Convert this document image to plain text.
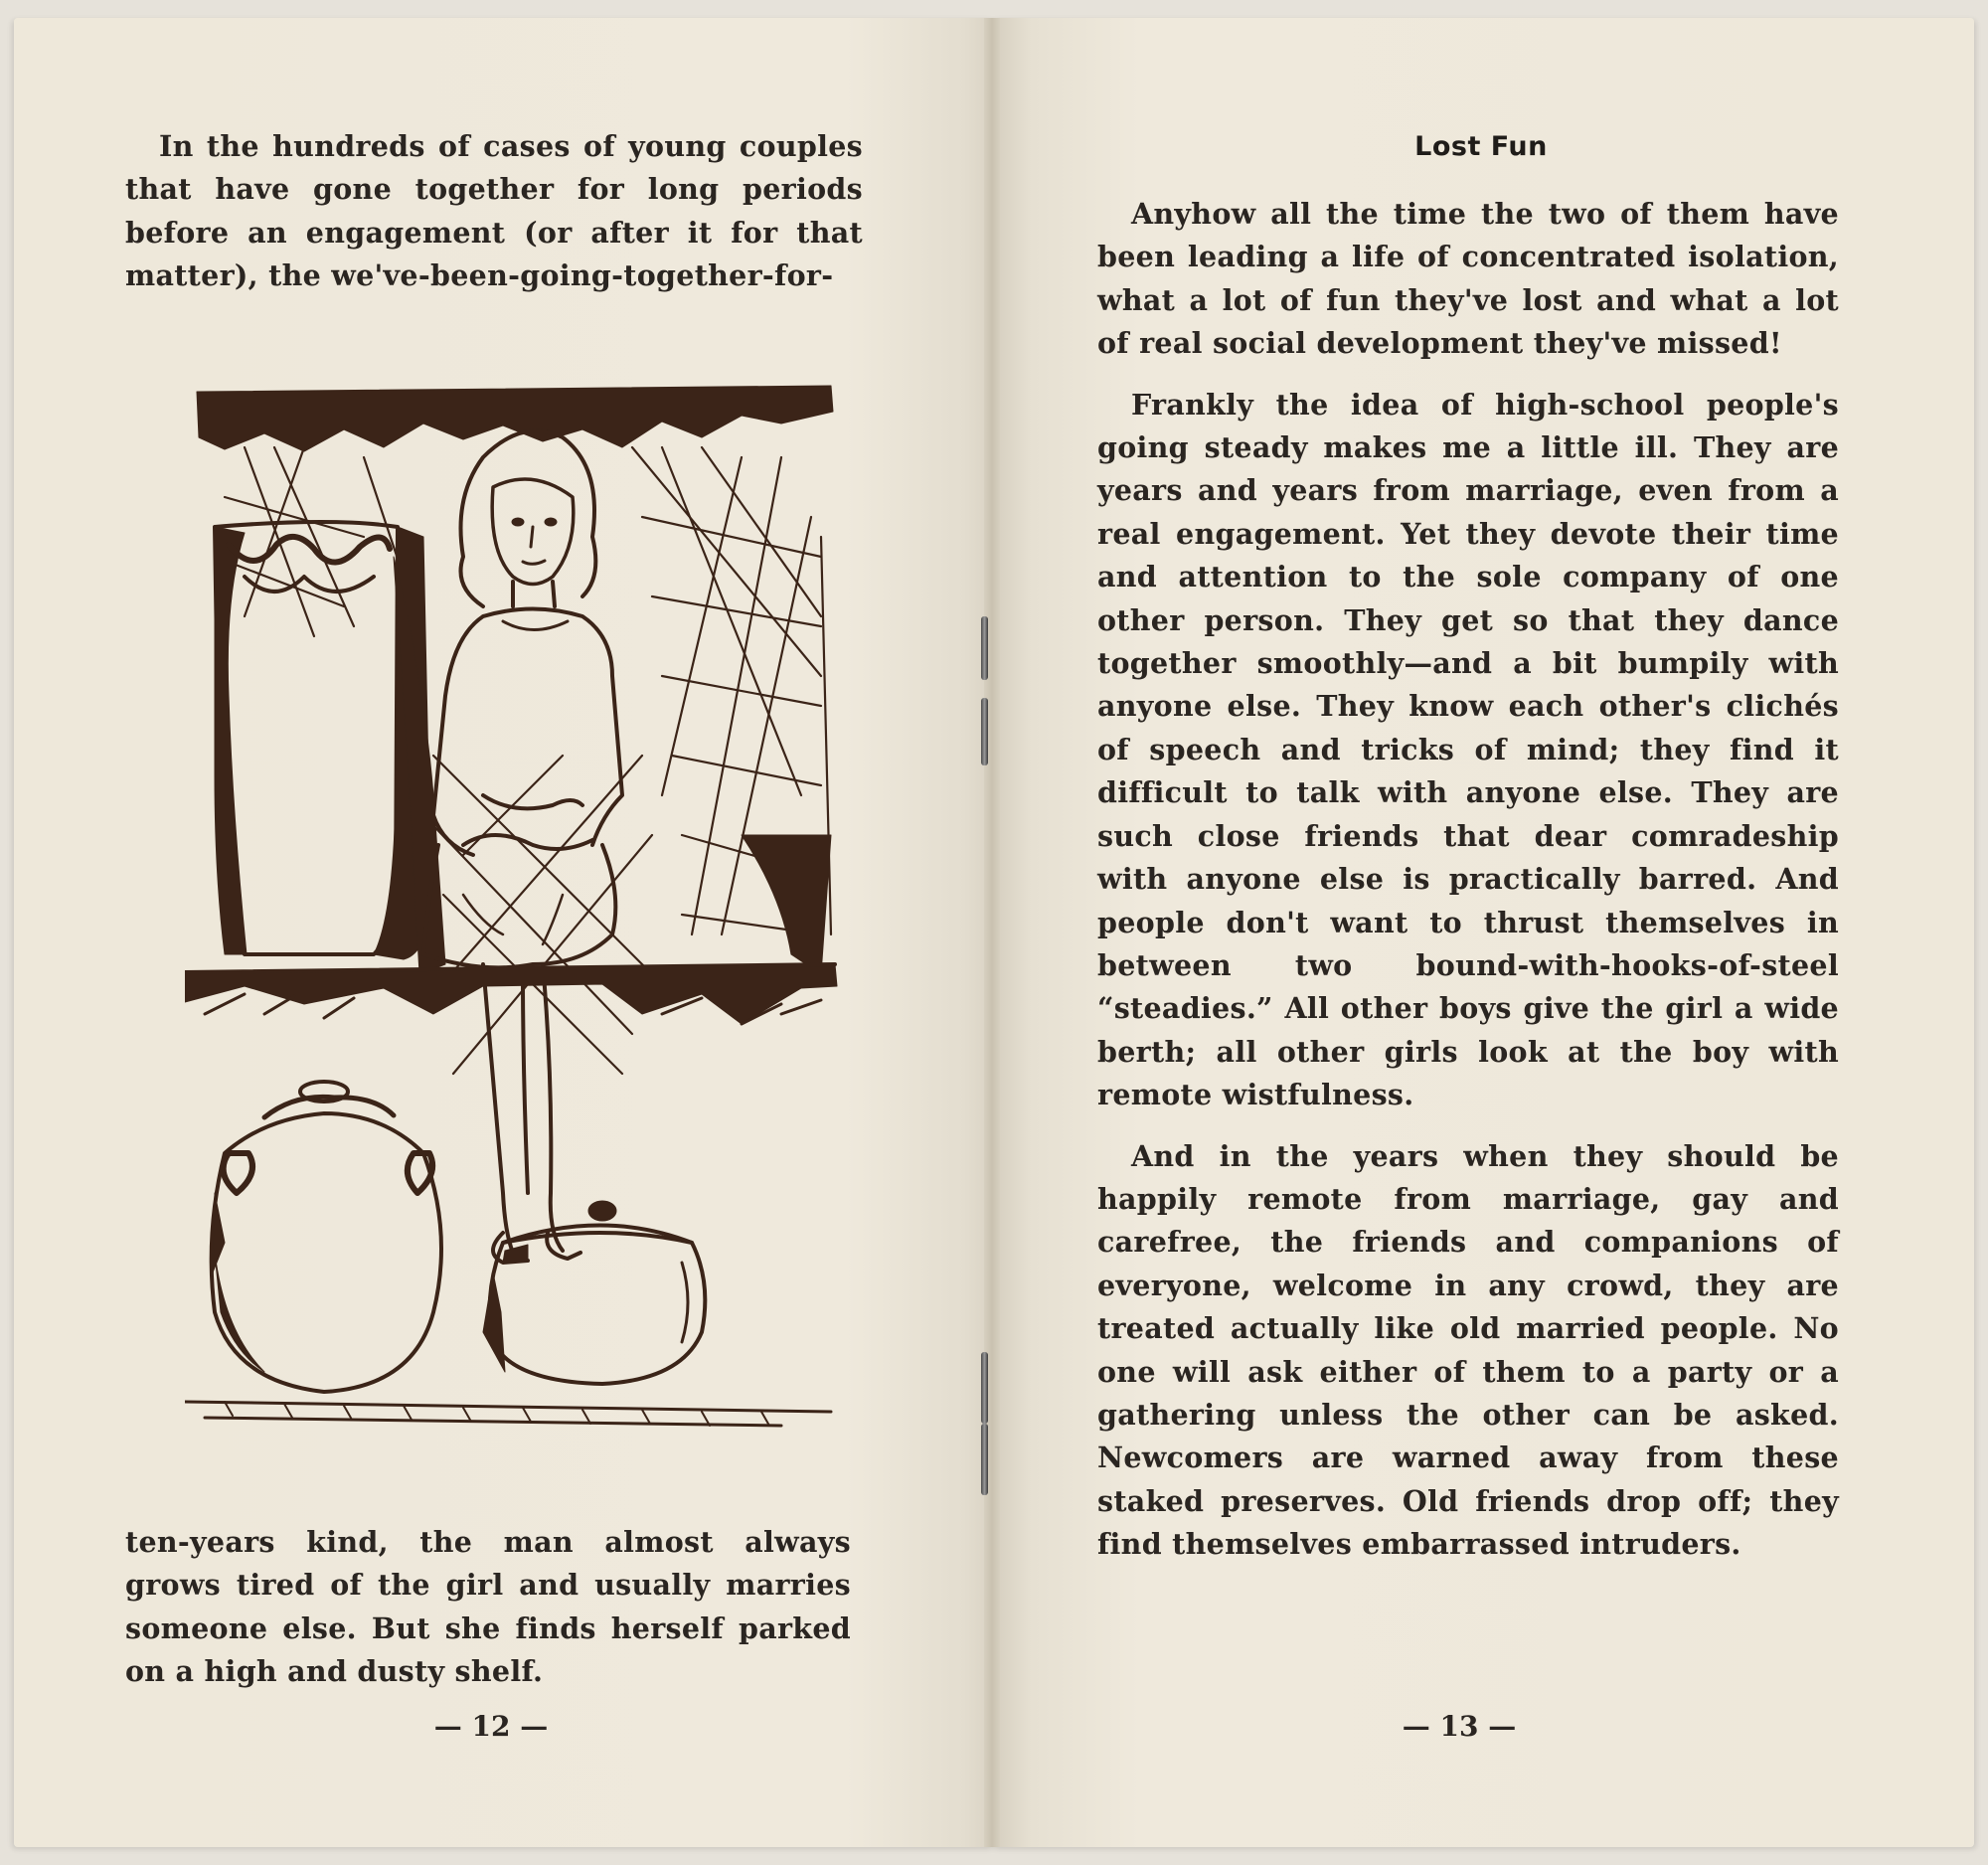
In the hundreds of cases of young couples that have gone together for long periods before an engagement (or after it for that matter), the we've-been-going-together-for-

ten-years kind, the man almost always grows tired of the girl and usually marries someone else. But she finds herself parked on a high and dusty shelf.

— 12 —
Lost Fun

Anyhow all the time the two of them have been leading a life of concentrated isolation, what a lot of fun they've lost and what a lot of real social development they've missed!

Frankly the idea of high-school people's going steady makes me a little ill. They are years and years from marriage, even from a real engagement. Yet they devote their time and attention to the sole company of one other person. They get so that they dance together smoothly—and a bit bumpily with anyone else. They know each other's clichés of speech and tricks of mind; they find it difficult to talk with anyone else. They are such close friends that dear comradeship with anyone else is practically barred. And people don't want to thrust themselves in between two bound-with-hooks-of-steel “steadies.” All other boys give the girl a wide berth; all other girls look at the boy with remote wistfulness.

And in the years when they should be happily remote from marriage, gay and carefree, the friends and companions of everyone, welcome in any crowd, they are treated actually like old married people. No one will ask either of them to a party or a gathering unless the other can be asked. Newcomers are warned away from these staked preserves. Old friends drop off; they find themselves embarrassed intruders.

— 13 —
